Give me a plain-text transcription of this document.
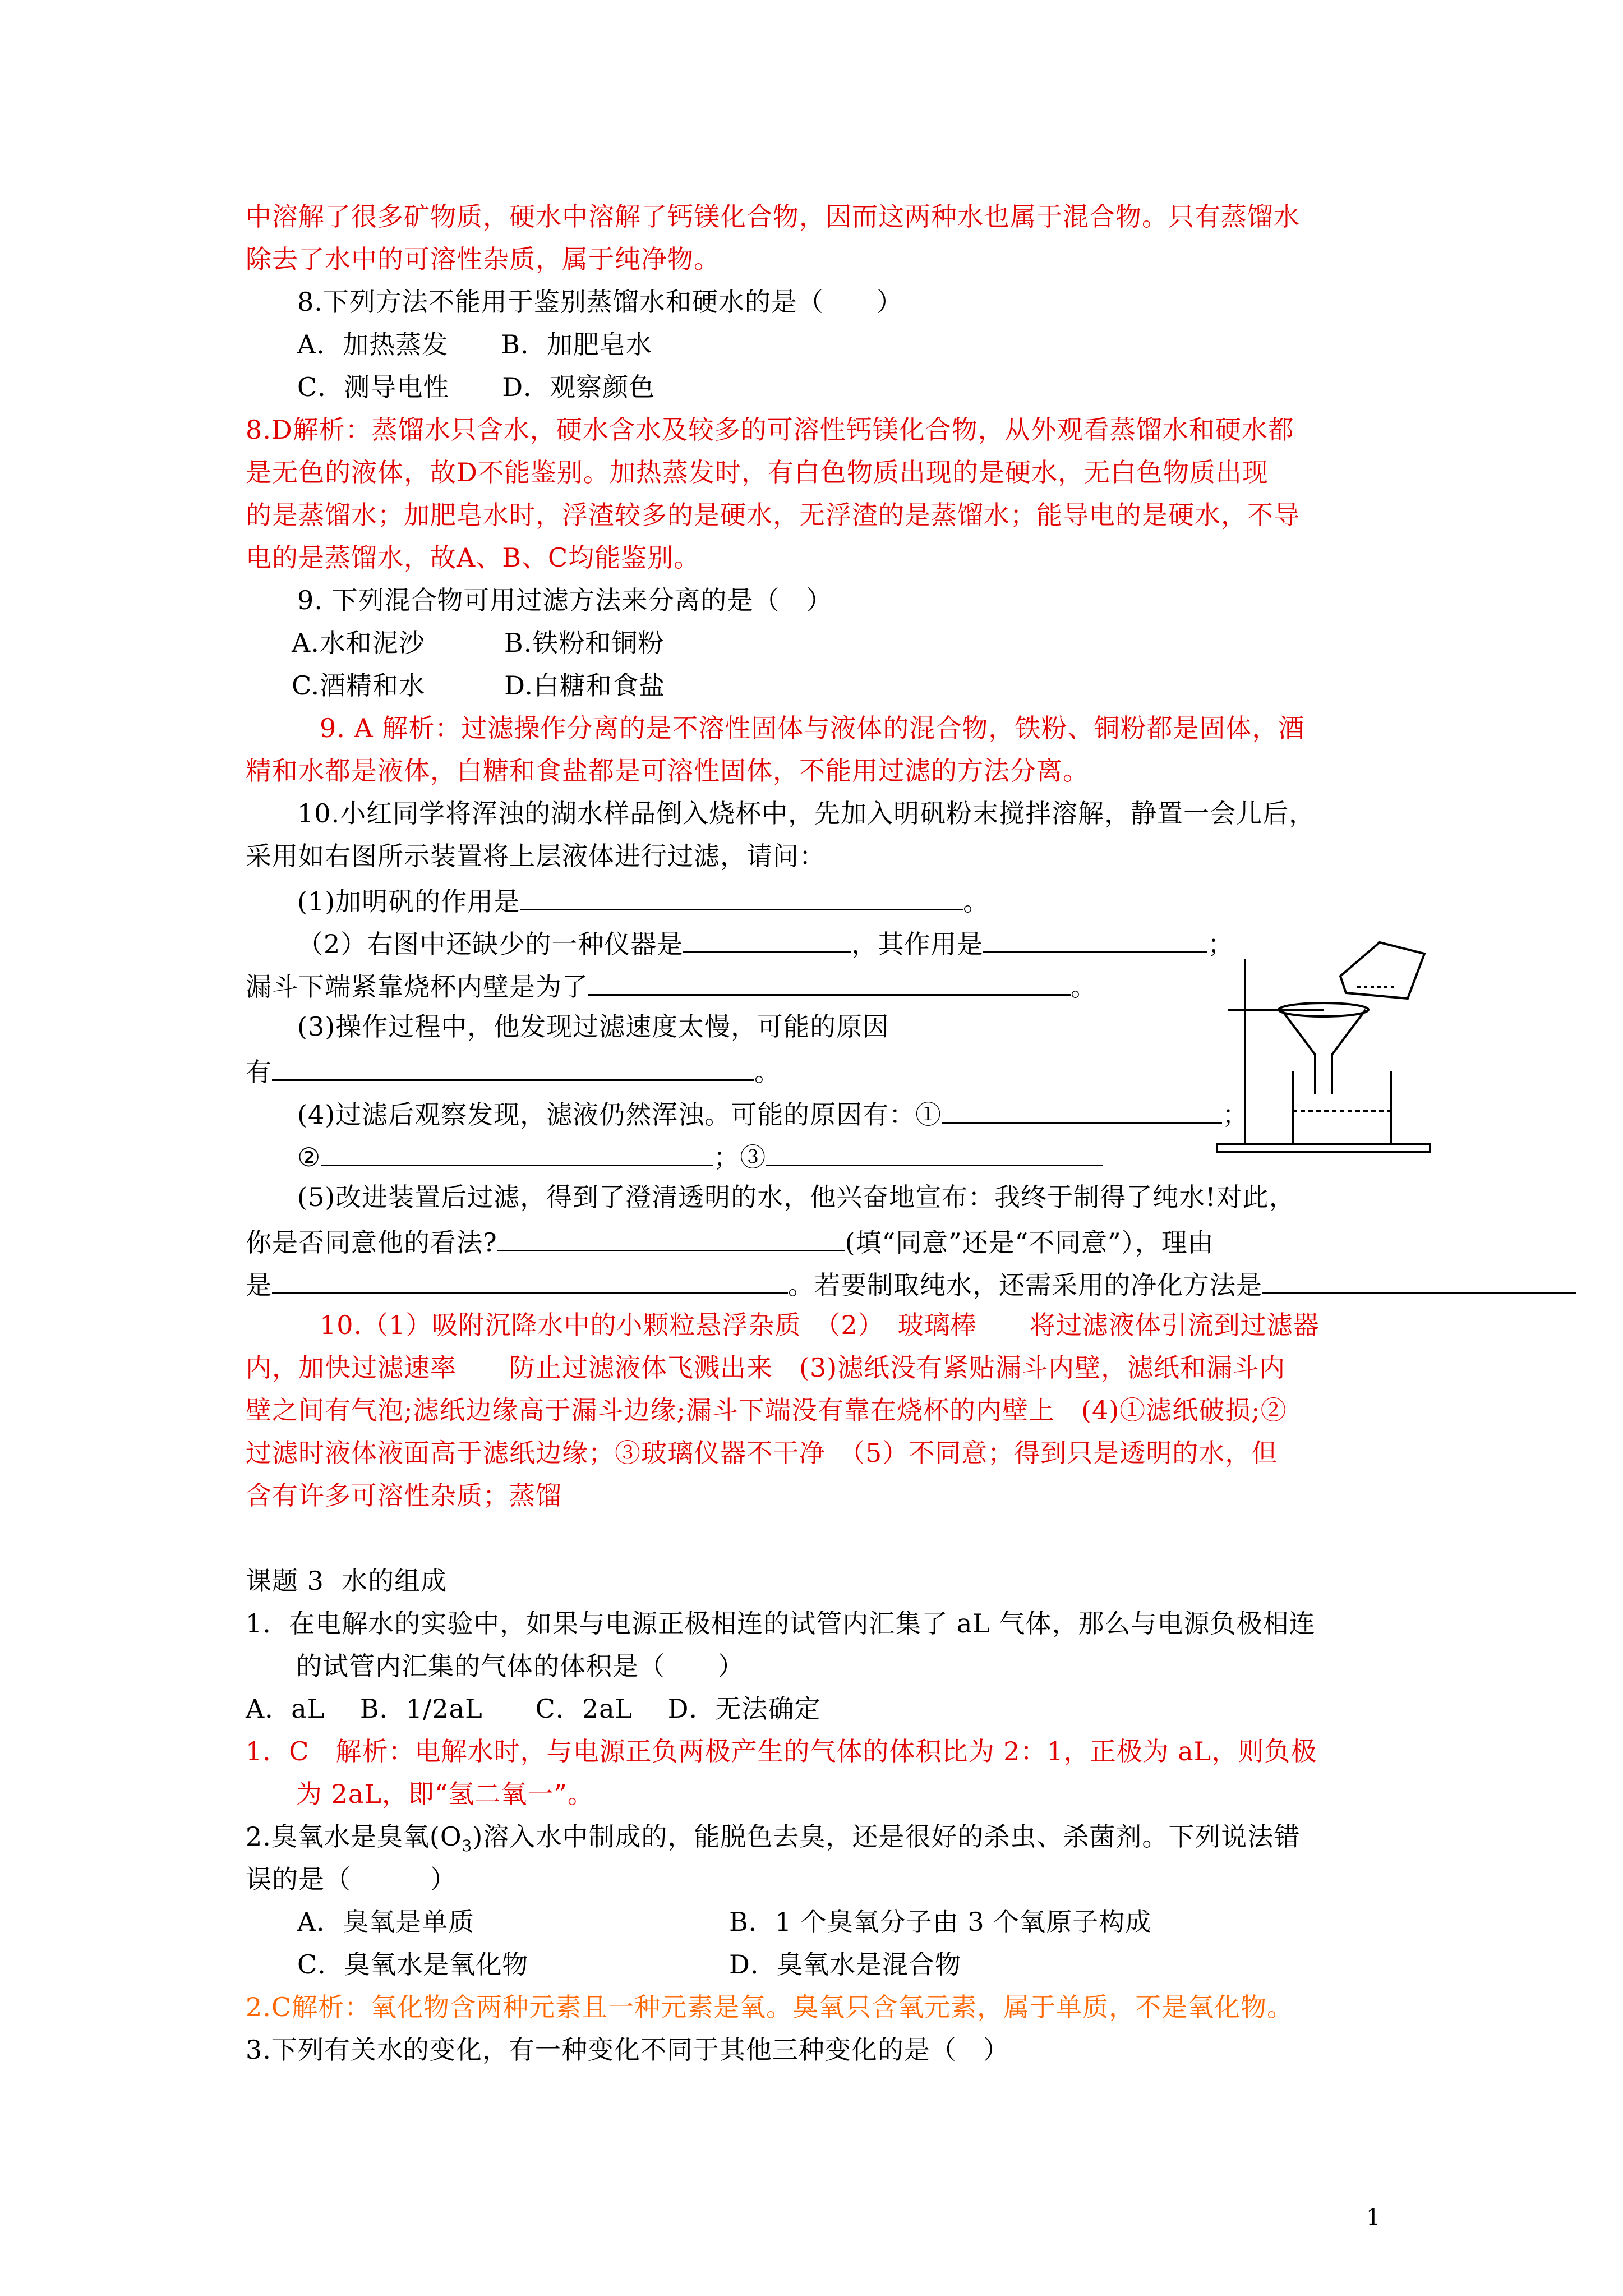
中溶解了很多矿物质，硬水中溶解了钙镁化合物，因而这两种水也属于混合物。只有蒸馏水
除去了水中的可溶性杂质，属于纯净物。
8.下列方法不能用于鉴别蒸馏水和硬水的是（　　）
A．加热蒸发　　B．加肥皂水
C．测导电性　　D．观察颜色
8.D解析：蒸馏水只含水，硬水含水及较多的可溶性钙镁化合物，从外观看蒸馏水和硬水都
是无色的液体，故D不能鉴别。加热蒸发时，有白色物质出现的是硬水，无白色物质出现
的是蒸馏水；加肥皂水时，浮渣较多的是硬水，无浮渣的是蒸馏水；能导电的是硬水，不导
电的是蒸馏水，故A、B、C均能鉴别。
9. 下列混合物可用过滤方法来分离的是（　）
A.水和泥沙　　　B.铁粉和铜粉
C.酒精和水　　　D.白糖和食盐
9. A 解析：过滤操作分离的是不溶性固体与液体的混合物，铁粉、铜粉都是固体，酒
精和水都是液体，白糖和食盐都是可溶性固体，不能用过滤的方法分离。
10.小红同学将浑浊的湖水样品倒入烧杯中，先加入明矾粉末搅拌溶解，静置一会儿后，
采用如右图所示装置将上层液体进行过滤，请问：
(1)加明矾的作用是	。
（2）右图中还缺少的一种仪器是	，其作用是	；
漏斗下端紧靠烧杯内壁是为了	。
(3)操作过程中，他发现过滤速度太慢，可能的原因
有	。
(4)过滤后观察发现，滤液仍然浑浊。可能的原因有：①	；
②	；③
(5)改进装置后过滤，得到了澄清透明的水，他兴奋地宣布：我终于制得了纯水!对此，
你是否同意他的看法?	(填“同意”还是“不同意”），理由
是	。若要制取纯水，还需采用的净化方法是
10.（1）吸附沉降水中的小颗粒悬浮杂质　（2）　玻璃棒　　将过滤液体引流到过滤器
内，加快过滤速率　　防止过滤液体飞溅出来　(3)滤纸没有紧贴漏斗内壁，滤纸和漏斗内
壁之间有气泡;滤纸边缘高于漏斗边缘;漏斗下端没有靠在烧杯的内壁上　(4)①滤纸破损;②
过滤时液体液面高于滤纸边缘；③玻璃仪器不干净　（5）不同意；得到只是透明的水，但
含有许多可溶性杂质；蒸馏
课题 3  水的组成
1．在电解水的实验中，如果与电源正极相连的试管内汇集了 aL 气体，那么与电源负极相连
的试管内汇集的气体的体积是（　　）
A．aL　 B．1/2aL　　C．2aL　 D．无法确定
1．C　解析：电解水时，与电源正负两极产生的气体的体积比为 2：1，正极为 aL，则负极
为 2aL，即“氢二氧一”。
2.臭氧水是臭氧$(O_3)$溶入水中制成的，能脱色去臭，还是很好的杀虫、杀菌剂。下列说法错
误的是（　　　）
A．臭氧是单质	B．1 个臭氧分子由 3 个氧原子构成
C．臭氧水是氧化物	D．臭氧水是混合物
2.C解析：氧化物含两种元素且一种元素是氧。臭氧只含氧元素，属于单质，不是氧化物。
3.下列有关水的变化，有一种变化不同于其他三种变化的是（　）
1
